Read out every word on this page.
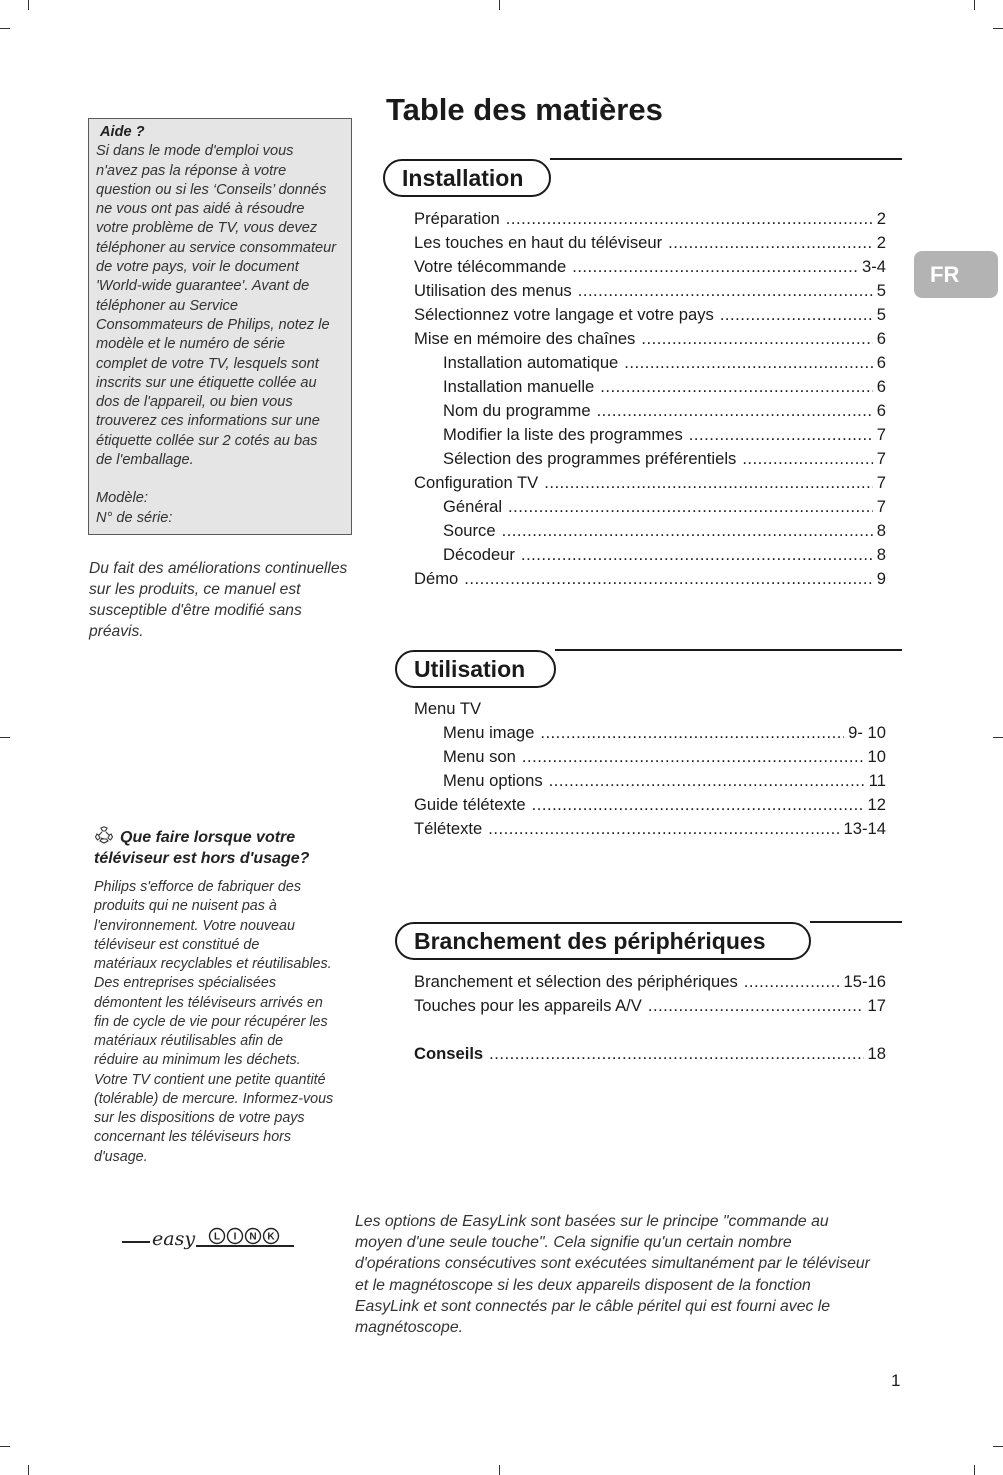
Aide ?
Si dans le mode d'emploi vous
n'avez pas la réponse à votre
question ou si les ‘Conseils’ donnés
ne vous ont pas aidé à résoudre
votre problème de TV, vous devez
téléphoner au service consommateur
de votre pays, voir le document
'World-wide guarantee'. Avant de
téléphoner au Service
Consommateurs de Philips, notez le
modèle et le numéro de série
complet de votre TV, lesquels sont
inscrits sur une étiquette collée au
dos de l'appareil, ou bien vous
trouverez ces informations sur une
étiquette collée sur 2 cotés au bas
de l'emballage.

Modèle:

N° de série:

Du fait des améliorations continuelles
sur les produits, ce manuel est
susceptible d'être modifié sans
préavis.
Que faire lorsque votre
téléviseur est hors d'usage?
Philips s'efforce de fabriquer des
produits qui ne nuisent pas à
l'environnement. Votre nouveau
téléviseur est constitué de
matériaux recyclables et réutilisables.
Des entreprises spécialisées
démontent les téléviseurs arrivés en
fin de cycle de vie pour récupérer les
matériaux réutilisables afin de
réduire au minimum les déchets.
Votre TV contient une petite quantité
(tolérable) de mercure. Informez-vous
sur les dispositions de votre pays
concernant les téléviseurs hors
d'usage.
easy L I N K
Les options de EasyLink sont basées sur le principe "commande au
moyen d'une seule touche". Cela signifie qu'un certain nombre
d'opérations consécutives sont exécutées simultanément par le téléviseur
et le magnétoscope si les deux appareils disposent de la fonction
EasyLink et sont connectés par le câble péritel qui est fourni avec le
magnétoscope.
Table des matières
Installation
Préparation .....	2
Les touches en haut du téléviseur .....	2
Votre télécommande .....	3-4
Utilisation des menus .....	5
Sélectionnez votre langage et votre pays .....	5
Mise en mémoire des chaînes .....	6
Installation automatique .....	6
Installation manuelle .....	6
Nom du programme .....	6
Modifier la liste des programmes .....	7
Sélection des programmes préférentiels .....	7
Configuration TV .....	7
Général .....	7
Source .....	8
Décodeur .....	8
Démo .....	9
Utilisation
Menu TV
Menu image .....	9- 10
Menu son .....	10
Menu options .....	11
Guide télétexte .....	12
Télétexte .....	13-14
Branchement des périphériques
Branchement et sélection des périphériques .....	15-16
Touches pour les appareils A/V .....	17
Conseils .....	18
FR
1
